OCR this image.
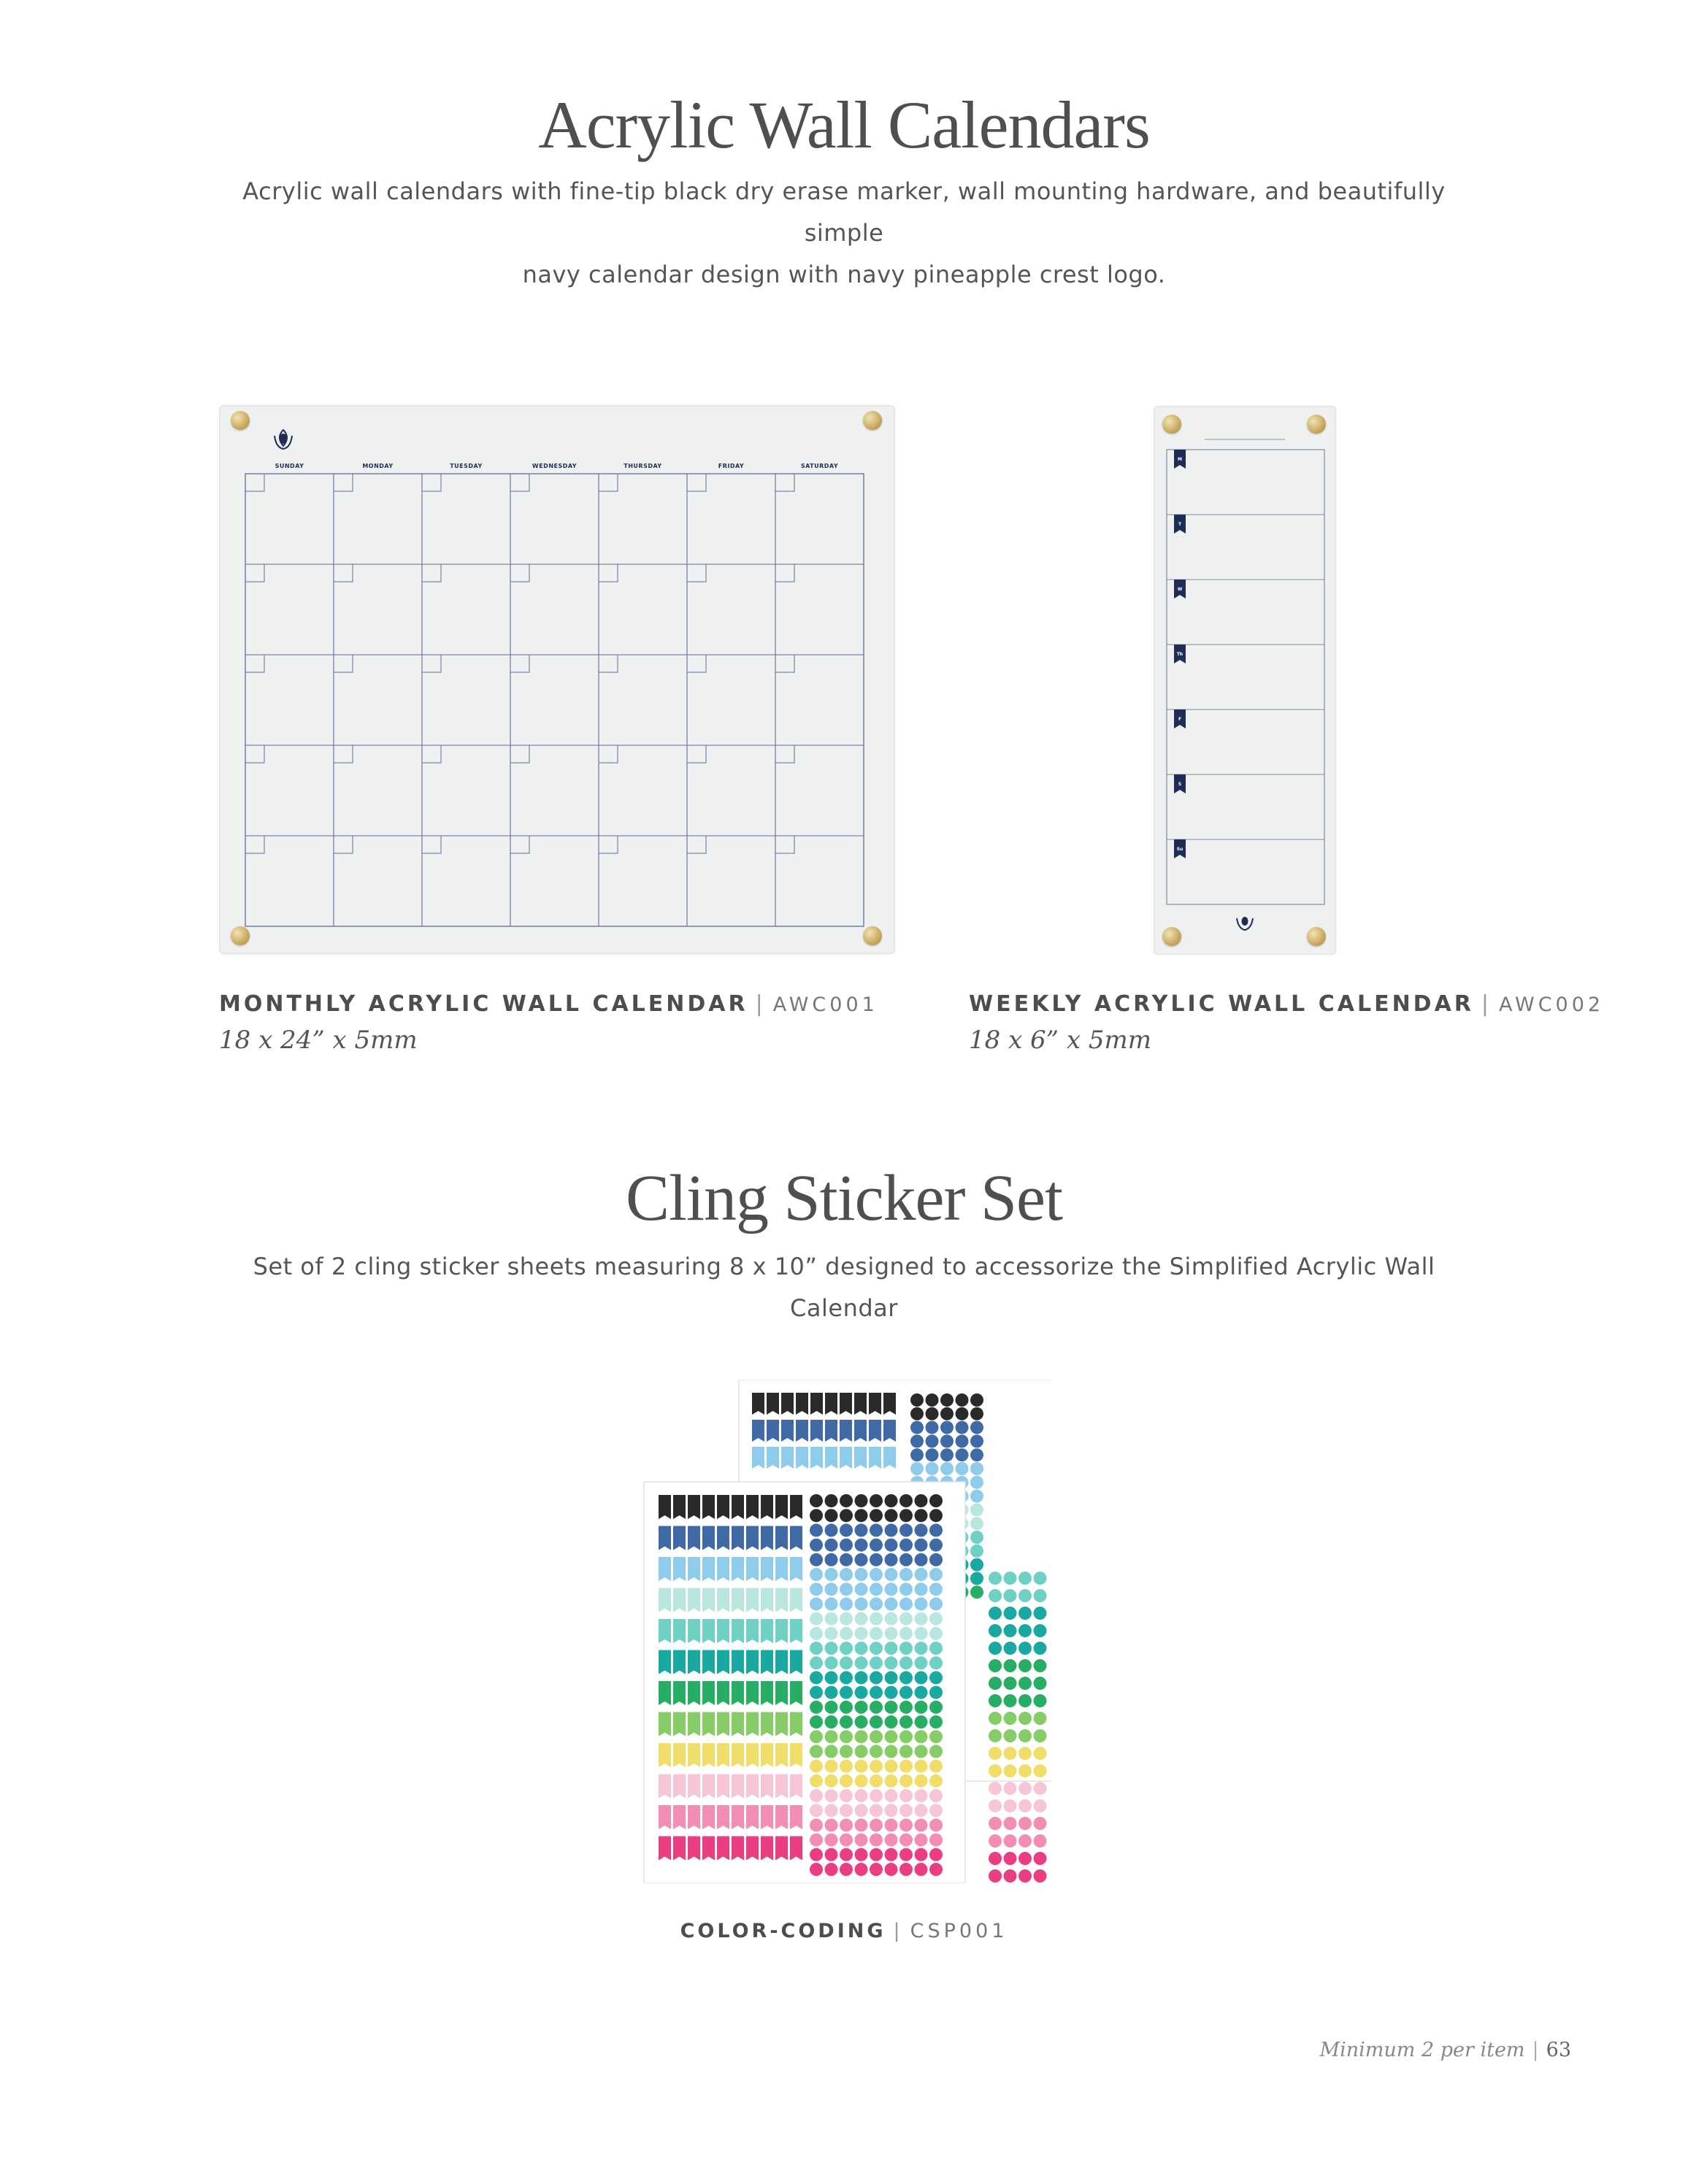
Acrylic Wall Calendars
Acrylic wall calendars with fine-tip black dry erase marker, wall mounting hardware, and beautifully simple
navy calendar design with navy pineapple crest logo.
SUNDAY	MONDAY	TUESDAY	WEDNESDAY	THURSDAY	FRIDAY	SATURDAY
M
T
W
Th
F
S
Su
MONTHLY ACRYLIC WALL CALENDAR | AWC001
18 x 24” x 5mm
WEEKLY ACRYLIC WALL CALENDAR | AWC002
18 x 6” x 5mm
Cling Sticker Set
Set of 2 cling sticker sheets measuring 8 x 10” designed to accessorize the Simplified Acrylic Wall Calendar
COLOR-CODING | CSP001
Minimum 2 per item | 63
